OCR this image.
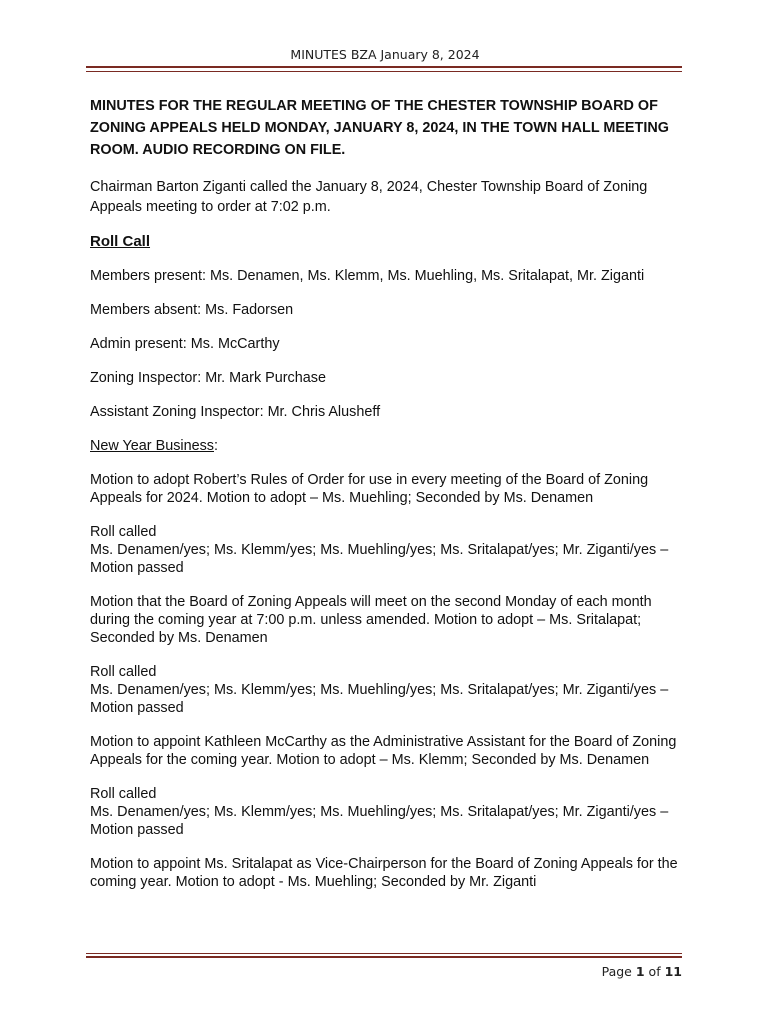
MINUTES BZA January 8, 2024

MINUTES FOR THE REGULAR MEETING OF THE CHESTER TOWNSHIP BOARD OF ZONING APPEALS HELD MONDAY, JANUARY 8, 2024, IN THE TOWN HALL MEETING ROOM. AUDIO RECORDING ON FILE.

Chairman Barton Ziganti called the January 8, 2024, Chester Township Board of Zoning Appeals meeting to order at 7:02 p.m.

Roll Call

Members present: Ms. Denamen, Ms. Klemm, Ms. Muehling, Ms. Sritalapat, Mr. Ziganti

Members absent: Ms. Fadorsen

Admin present: Ms. McCarthy

Zoning Inspector: Mr. Mark Purchase

Assistant Zoning Inspector: Mr. Chris Alusheff

New Year Business:

Motion to adopt Robert’s Rules of Order for use in every meeting of the Board of Zoning Appeals for 2024. Motion to adopt – Ms. Muehling; Seconded by Ms. Denamen

Roll called

Ms. Denamen/yes; Ms. Klemm/yes; Ms. Muehling/yes; Ms. Sritalapat/yes; Mr. Ziganti/yes – Motion passed

Motion that the Board of Zoning Appeals will meet on the second Monday of each month during the coming year at 7:00 p.m. unless amended. Motion to adopt – Ms. Sritalapat; Seconded by Ms. Denamen

Roll called

Ms. Denamen/yes; Ms. Klemm/yes; Ms. Muehling/yes; Ms. Sritalapat/yes; Mr. Ziganti/yes – Motion passed

Motion to appoint Kathleen McCarthy as the Administrative Assistant for the Board of Zoning Appeals for the coming year. Motion to adopt – Ms. Klemm; Seconded by Ms. Denamen

Roll called

Ms. Denamen/yes; Ms. Klemm/yes; Ms. Muehling/yes; Ms. Sritalapat/yes; Mr. Ziganti/yes – Motion passed

Motion to appoint Ms. Sritalapat as Vice-Chairperson for the Board of Zoning Appeals for the coming year. Motion to adopt - Ms. Muehling; Seconded by Mr. Ziganti

Page 1 of 11
